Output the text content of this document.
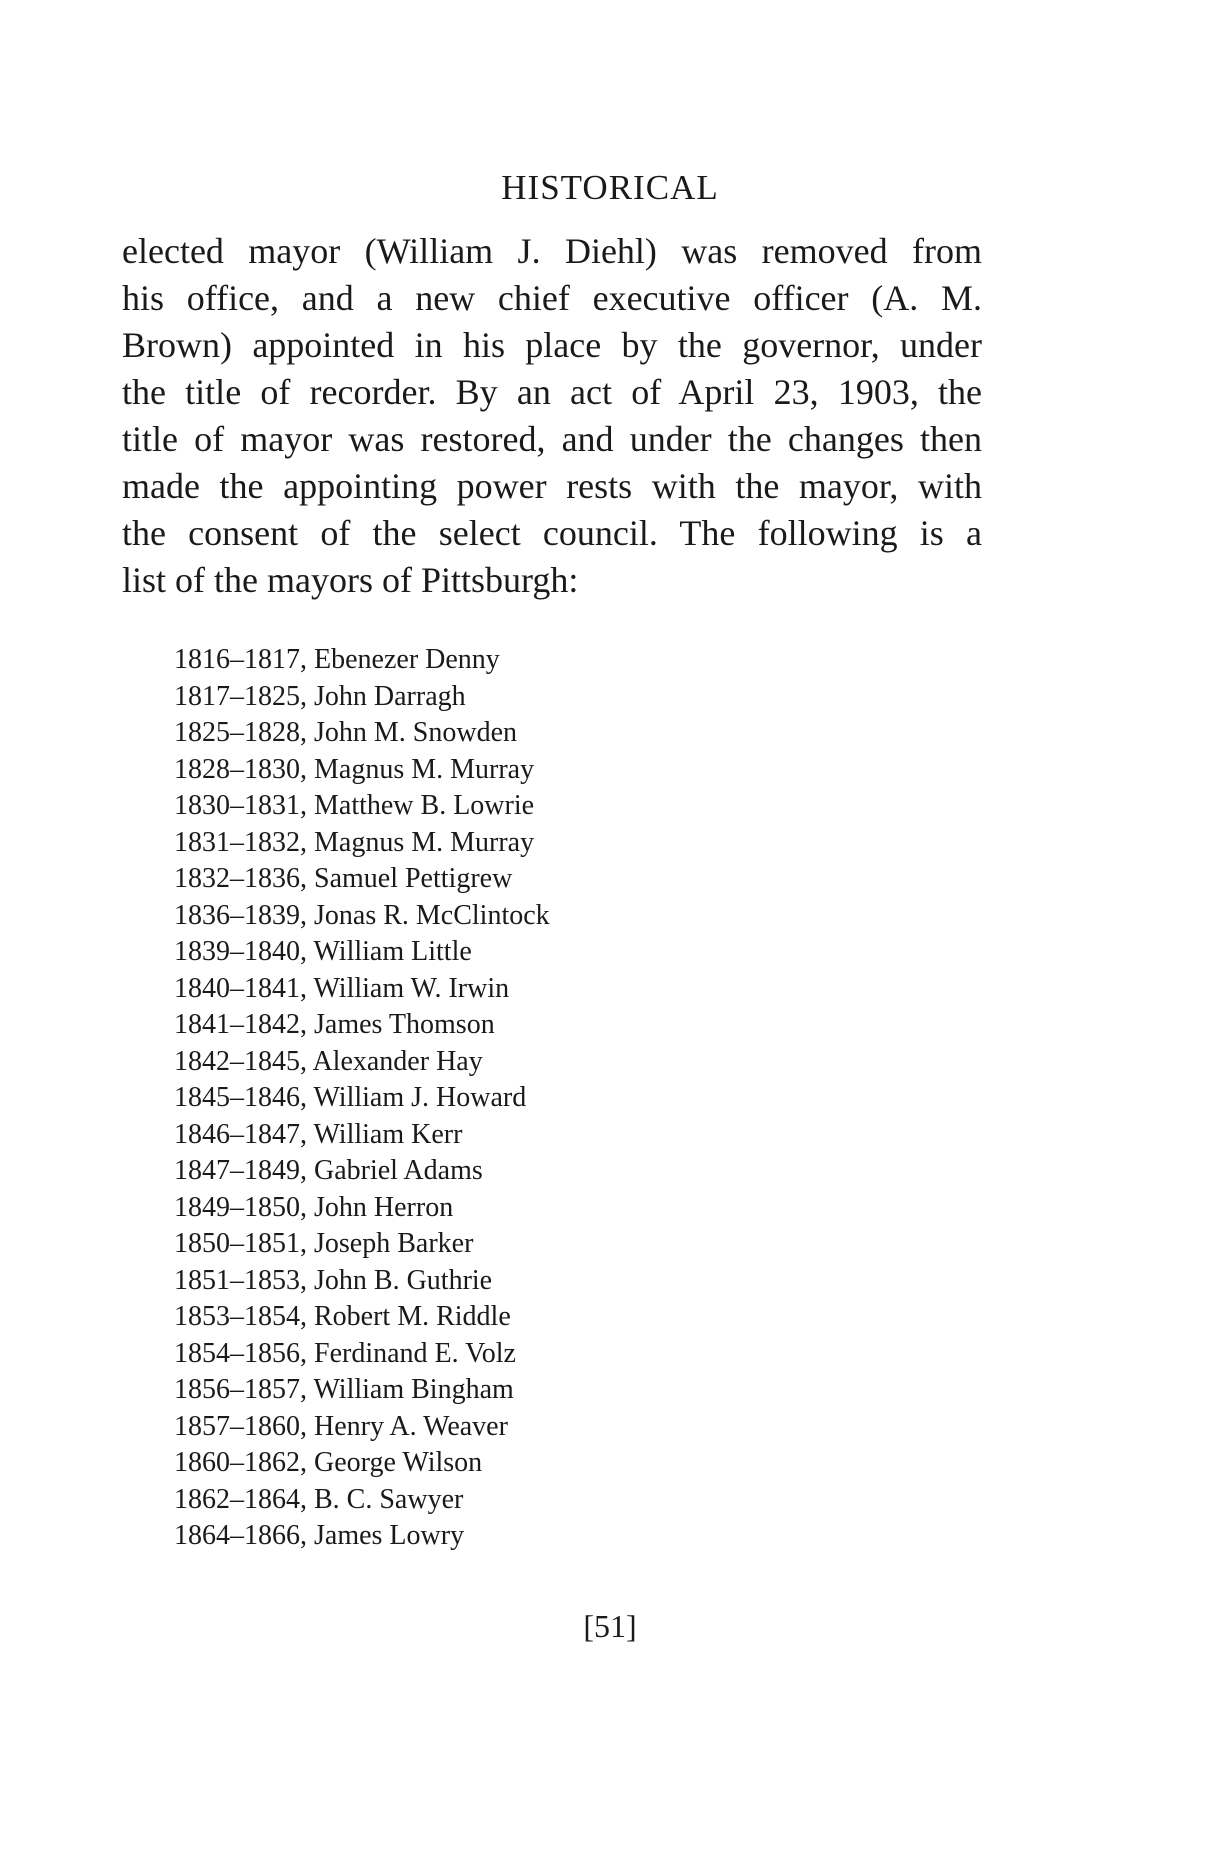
HISTORICAL
elected mayor (William J. Diehl) was removed from
his office, and a new chief executive officer (A. M.
Brown) appointed in his place by the governor, under
the title of recorder. By an act of April 23, 1903, the
title of mayor was restored, and under the changes then
made the appointing power rests with the mayor, with
the consent of the select council. The following is a
list of the mayors of Pittsburgh:
1816–1817, Ebenezer Denny
1817–1825, John Darragh
1825–1828, John M. Snowden
1828–1830, Magnus M. Murray
1830–1831, Matthew B. Lowrie
1831–1832, Magnus M. Murray
1832–1836, Samuel Pettigrew
1836–1839, Jonas R. McClintock
1839–1840, William Little
1840–1841, William W. Irwin
1841–1842, James Thomson
1842–1845, Alexander Hay
1845–1846, William J. Howard
1846–1847, William Kerr
1847–1849, Gabriel Adams
1849–1850, John Herron
1850–1851, Joseph Barker
1851–1853, John B. Guthrie
1853–1854, Robert M. Riddle
1854–1856, Ferdinand E. Volz
1856–1857, William Bingham
1857–1860, Henry A. Weaver
1860–1862, George Wilson
1862–1864, B. C. Sawyer
1864–1866, James Lowry
[51]
